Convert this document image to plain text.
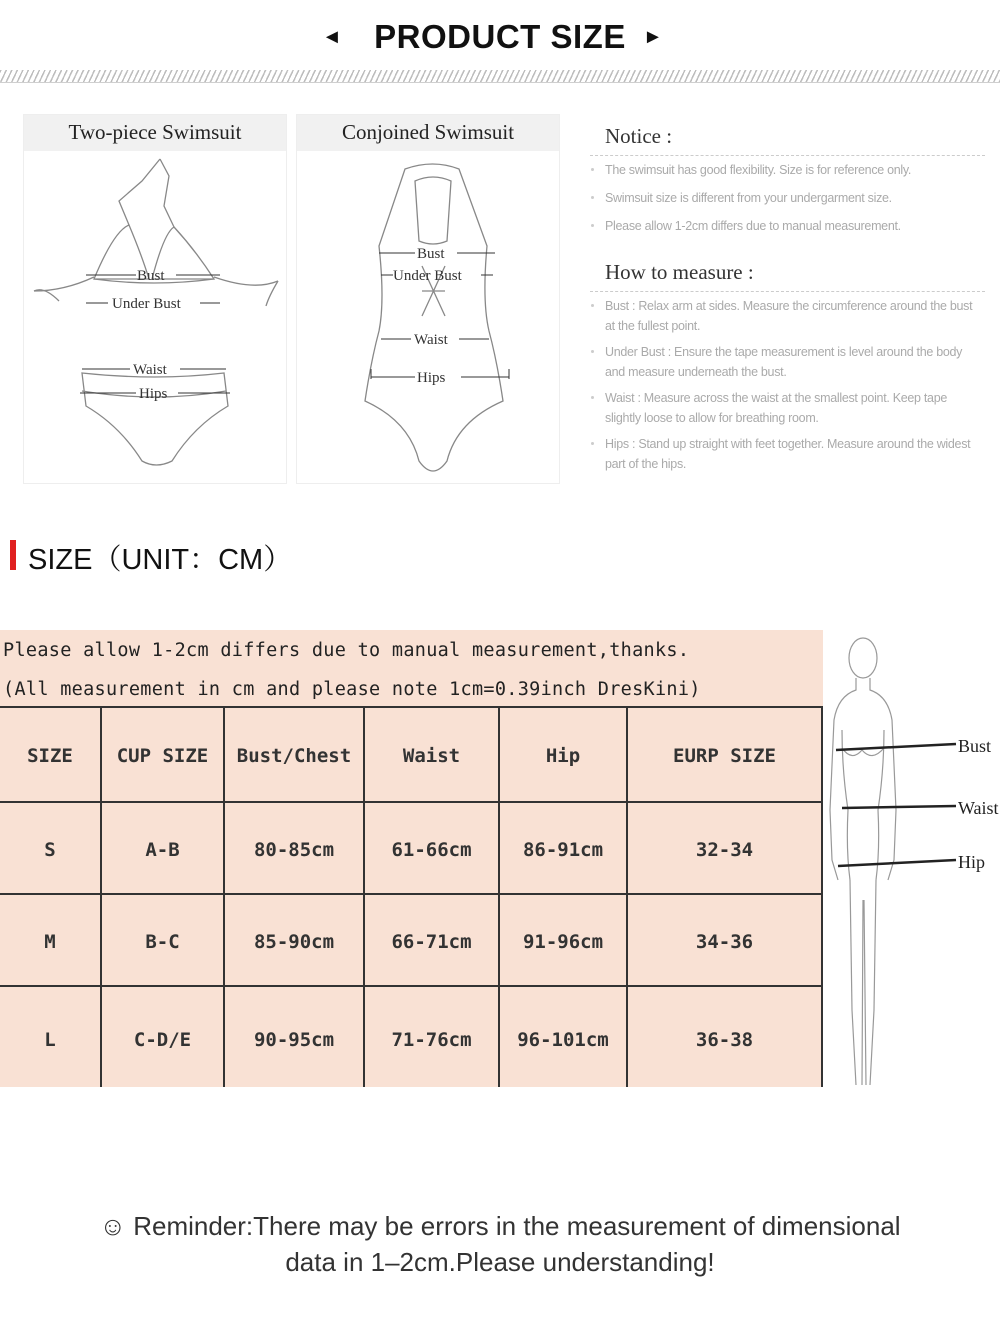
◄ PRODUCT SIZE ►
Two-piece Swimsuit
Bust
Under Bust
Waist
Hips
Conjoined Swimsuit
Bust
Under Bust
Waist
Hips
Notice :
The swimsuit has good flexibility. Size is for reference only.
Swimsuit size is different from your undergarment size.
Please allow 1-2cm differs due to manual measurement.
How to measure :
Bust : Relax arm at sides. Measure the circumference around the bust at the fullest point.
Under Bust : Ensure the tape measurement is level around the body and measure underneath the bust.
Waist : Measure across the waist at the smallest point. Keep tape slightly loose to allow for breathing room.
Hips : Stand up straight with feet together. Measure around the widest part of the hips.
SIZE（UNIT：CM）
Please allow 1-2cm differs due to manual measurement,thanks.
(All measurement in cm and please note 1cm=0.39inch DresKini)
SIZE	CUP SIZE	Bust/Chest	Waist	Hip	EURP SIZE
S	A-B	80-85cm	61-66cm	86-91cm	32-34
M	B-C	85-90cm	66-71cm	91-96cm	34-36
L	C-D/E	90-95cm	71-76cm	96-101cm	36-38
Bust
Waist
Hip
☺ Reminder:There may be errors in the measurement of dimensional
data in 1–2cm.Please understanding!
